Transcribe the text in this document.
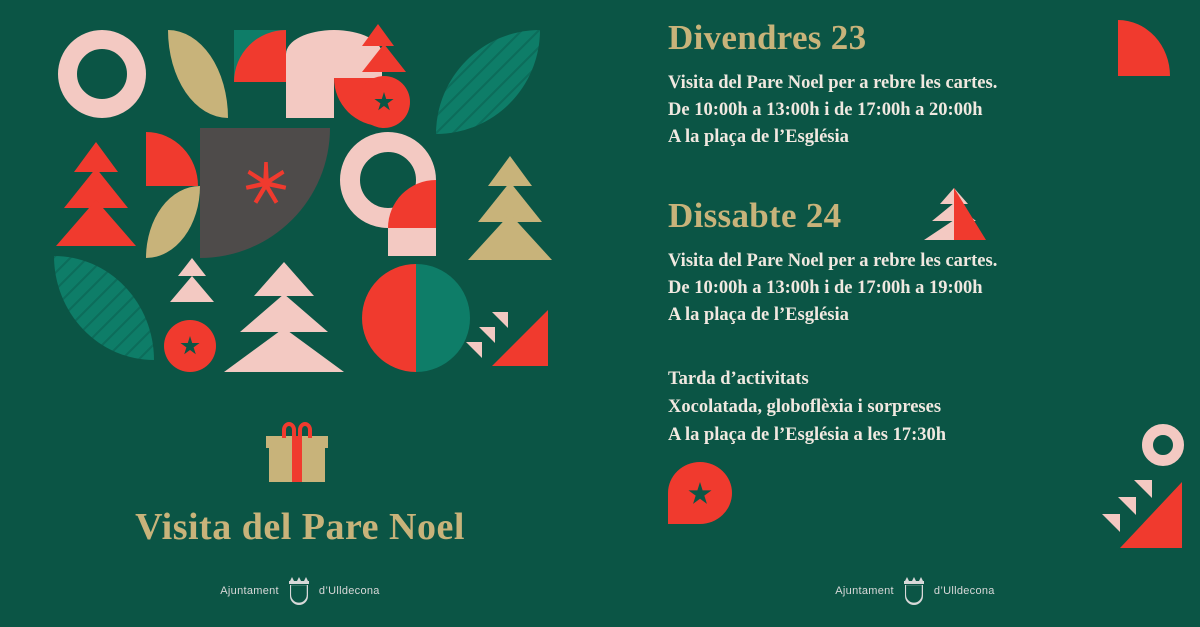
Visita del Pare Noel
Ajuntament	d’Ulldecona
Divendres 23
Visita del Pare Noel per a rebre les cartes.
De 10:00h a 13:00h i de 17:00h a 20:00h
A la plaça de l’Església
Dissabte 24
Visita del Pare Noel per a rebre les cartes.
De 10:00h a 13:00h i de 17:00h a 19:00h
A la plaça de l’Església
Tarda d’activitats
Xocolatada, globoflèxia i sorpreses
A la plaça de l’Església a les 17:30h
Ajuntament	d’Ulldecona
